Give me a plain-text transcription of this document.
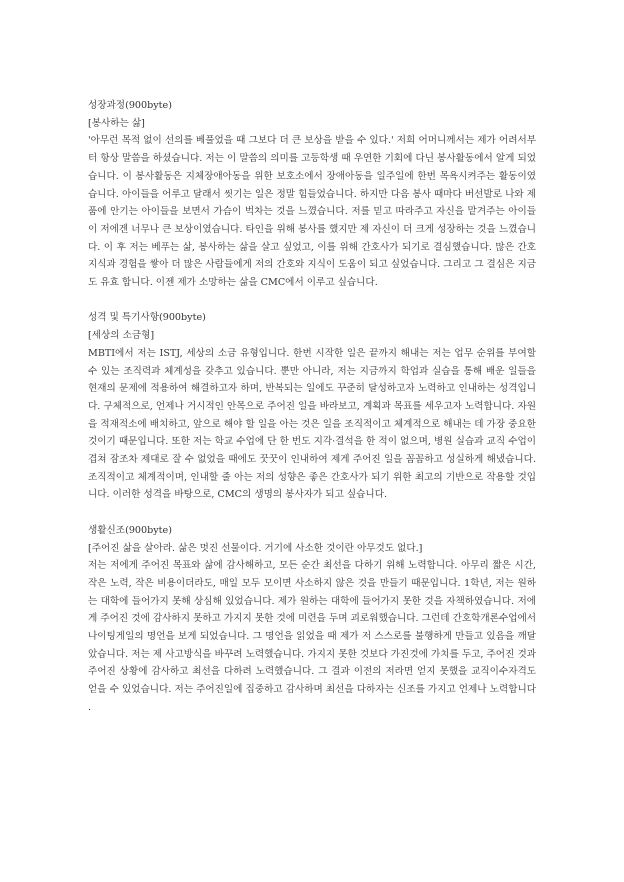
성장과정(900byte)
[봉사하는 삶]

'아무런 목적 없이 선의를 베풀었을 때 그보다 더 큰 보상을 받을 수 있다.' 저희 어머니께서는 제가 어려서부터 항상 말씀을 하셨습니다. 저는 이 말씀의 의미를 고등학생 때 우연한 기회에 다닌 봉사활동에서 알게 되었습니다. 이 봉사활동은 지체장애아동을 위한 보호소에서 장애아동을 일주일에 한번 목욕시켜주는 활동이였습니다. 아이들을 어루고 달래서 씻기는 일은 정말 힘들었습니다. 하지만 다음 봉사 때마다 버선발로 나와 제 품에 안기는 아이들을 보면서 가슴이 벅차는 것을 느꼈습니다. 저를 믿고 따라주고 자신을 맡겨주는 아이들이 저에겐 너무나 큰 보상이였습니다. 타인을 위해 봉사를 했지만 제 자신이 더 크게 성장하는 것을 느꼈습니다. 이 후 저는 베푸는 삶, 봉사하는 삶을 살고 싶었고, 이를 위해 간호사가 되기로 결심했습니다. 많은 간호지식과 경험을 쌓아 더 많은 사람들에게 저의 간호와 지식이 도움이 되고 싶었습니다. 그리고 그 결심은 지금도 유효 합니다. 이젠 제가 소망하는 삶을 CMC에서 이루고 싶습니다.

성격 및 특기사항(900byte)
[세상의 소금형]

MBTI에서 저는 ISTJ, 세상의 소금 유형입니다. 한번 시작한 일은 끝까지 해내는 저는 업무 순위를 부여할 수 있는 조직력과 체계성을 갖추고 있습니다. 뿐만 아니라, 저는 지금까지 학업과 실습을 통해 배운 일들을 현재의 문제에 적용하여 해결하고자 하며, 반복되는 일에도 꾸준히 달성하고자 노력하고 인내하는 성격입니다. 구체적으로, 언제나 거시적인 안목으로 주어진 일을 바라보고, 계획과 목표를 세우고자 노력합니다. 자원을 적재적소에 배치하고, 앞으로 해야 할 일을 아는 것은 일을 조직적이고 체계적으로 해내는 데 가장 중요한 것이기 때문입니다. 또한 저는 학교 수업에 단 한 번도 지각·결석을 한 적이 없으며, 병원 실습과 교직 수업이 겹쳐 잠조차 제대로 잘 수 없었을 때에도 꿋꿋이 인내하여 제게 주어진 일을 꼼꼼하고 성실하게 해냈습니다. 조직적이고 체계적이며, 인내할 줄 아는 저의 성향은 좋은 간호사가 되기 위한 최고의 기반으로 작용할 것입니다. 이러한 성격을 바탕으로, CMC의 생명의 봉사자가 되고 싶습니다.

생활신조(900byte)
[주어진 삶을 살아라. 삶은 멋진 선물이다. 거기에 사소한 것이란 아무것도 없다.]

저는 저에게 주어진 목표와 삶에 감사해하고, 모든 순간 최선을 다하기 위해 노력합니다. 아무리 짧은 시간, 작은 노력, 작은 비용이더라도, 매일 모두 모이면 사소하지 않은 것을 만들기 때문입니다. 1학년, 저는 원하는 대학에 들어가지 못해 상심해 있었습니다. 제가 원하는 대학에 들어가지 못한 것을 자책하였습니다. 저에게 주어진 것에 감사하지 못하고 가지지 못한 것에 미련을 두며 괴로워했습니다. 그런데 간호학개론수업에서 나이팅게일의 명언을 보게 되었습니다. 그 명언을 읽었을 때 제가 저 스스로를 불행하게 만들고 있음을 깨달았습니다. 저는 제 사고방식을 바꾸려 노력했습니다. 가지지 못한 것보다 가진것에 가치를 두고, 주어진 것과 주어진 상황에 감사하고 최선을 다하려 노력했습니다. 그 결과 이전의 저라면 얻지 못했을 교직이수자격도 얻을 수 있었습니다. 저는 주어진일에 집중하고 감사하며 최선을 다하자는 신조를 가지고 언제나 노력합니다.
